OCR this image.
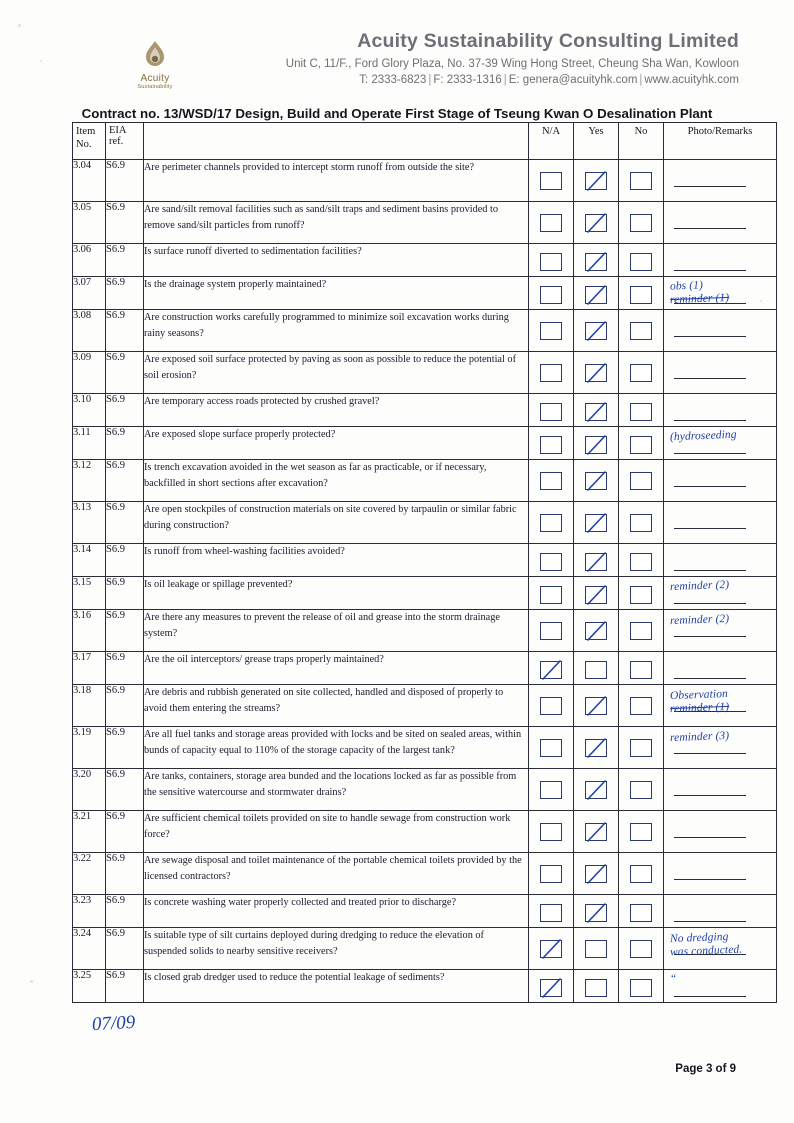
Acuity
Sustainability
Acuity Sustainability Consulting Limited
Unit C, 11/F., Ford Glory Plaza, No. 37-39 Wing Hong Street, Cheung Sha Wan, Kowloon
T: 2333-6823 | F: 2333-1316 | E: genera@acuityhk.com | www.acuityhk.com
Contract no. 13/WSD/17 Design, Build and Operate First Stage of Tseung Kwan O Desalination Plant
Item
No.	EIA ref.		N/A	Yes	No	Photo/Remarks
3.04	S6.9	Are perimeter channels provided to intercept storm runoff from outside the site?		

3.05	S6.9	Are sand/silt removal facilities such as sand/silt traps and sediment basins provided to remove sand/silt particles from runoff?		

3.06	S6.9	Is surface runoff diverted to sedimentation facilities?		

3.07	S6.9	Is the drainage system properly maintained?				obs (1)
reminder (1)

3.08	S6.9	Are construction works carefully programmed to minimize soil excavation works during rainy seasons?		

3.09	S6.9	Are exposed soil surface protected by paving as soon as possible to reduce the potential of soil erosion?		

3.10	S6.9	Are temporary access roads protected by crushed gravel?		

3.11	S6.9	Are exposed slope surface properly protected?				(hydroseeding

3.12	S6.9	Is trench excavation avoided in the wet season as far as practicable, or if necessary, backfilled in short sections after excavation?		

3.13	S6.9	Are open stockpiles of construction materials on site covered by tarpaulin or similar fabric during construction?		

3.14	S6.9	Is runoff from wheel-washing facilities avoided?		

3.15	S6.9	Is oil leakage or spillage prevented?				reminder (2)

3.16	S6.9	Are there any measures to prevent the release of oil and grease into the storm drainage system?				reminder (2)

3.17	S6.9	Are the oil interceptors/ grease traps properly maintained?	

3.18	S6.9	Are debris and rubbish generated on site collected, handled and disposed of properly to avoid them entering the streams?				Observation
reminder (1)

3.19	S6.9	Are all fuel tanks and storage areas provided with locks and be sited on sealed areas, within bunds of capacity equal to 110% of the storage capacity of the largest tank?				reminder (3)

3.20	S6.9	Are tanks, containers, storage area bunded and the locations locked as far as possible from the sensitive watercourse and stormwater drains?		

3.21	S6.9	Are sufficient chemical toilets provided on site to handle sewage from construction work force?		

3.22	S6.9	Are sewage disposal and toilet maintenance of the portable chemical toilets provided by the licensed contractors?		

3.23	S6.9	Is concrete washing water properly collected and treated prior to discharge?		

3.24	S6.9	Is suitable type of silt curtains deployed during dredging to reduce the elevation of suspended solids to nearby sensitive receivers?				No dredging
was conducted.

3.25	S6.9	Is closed grab dredger used to reduce the potential leakage of sediments?				“
07/09
Page 3 of 9
